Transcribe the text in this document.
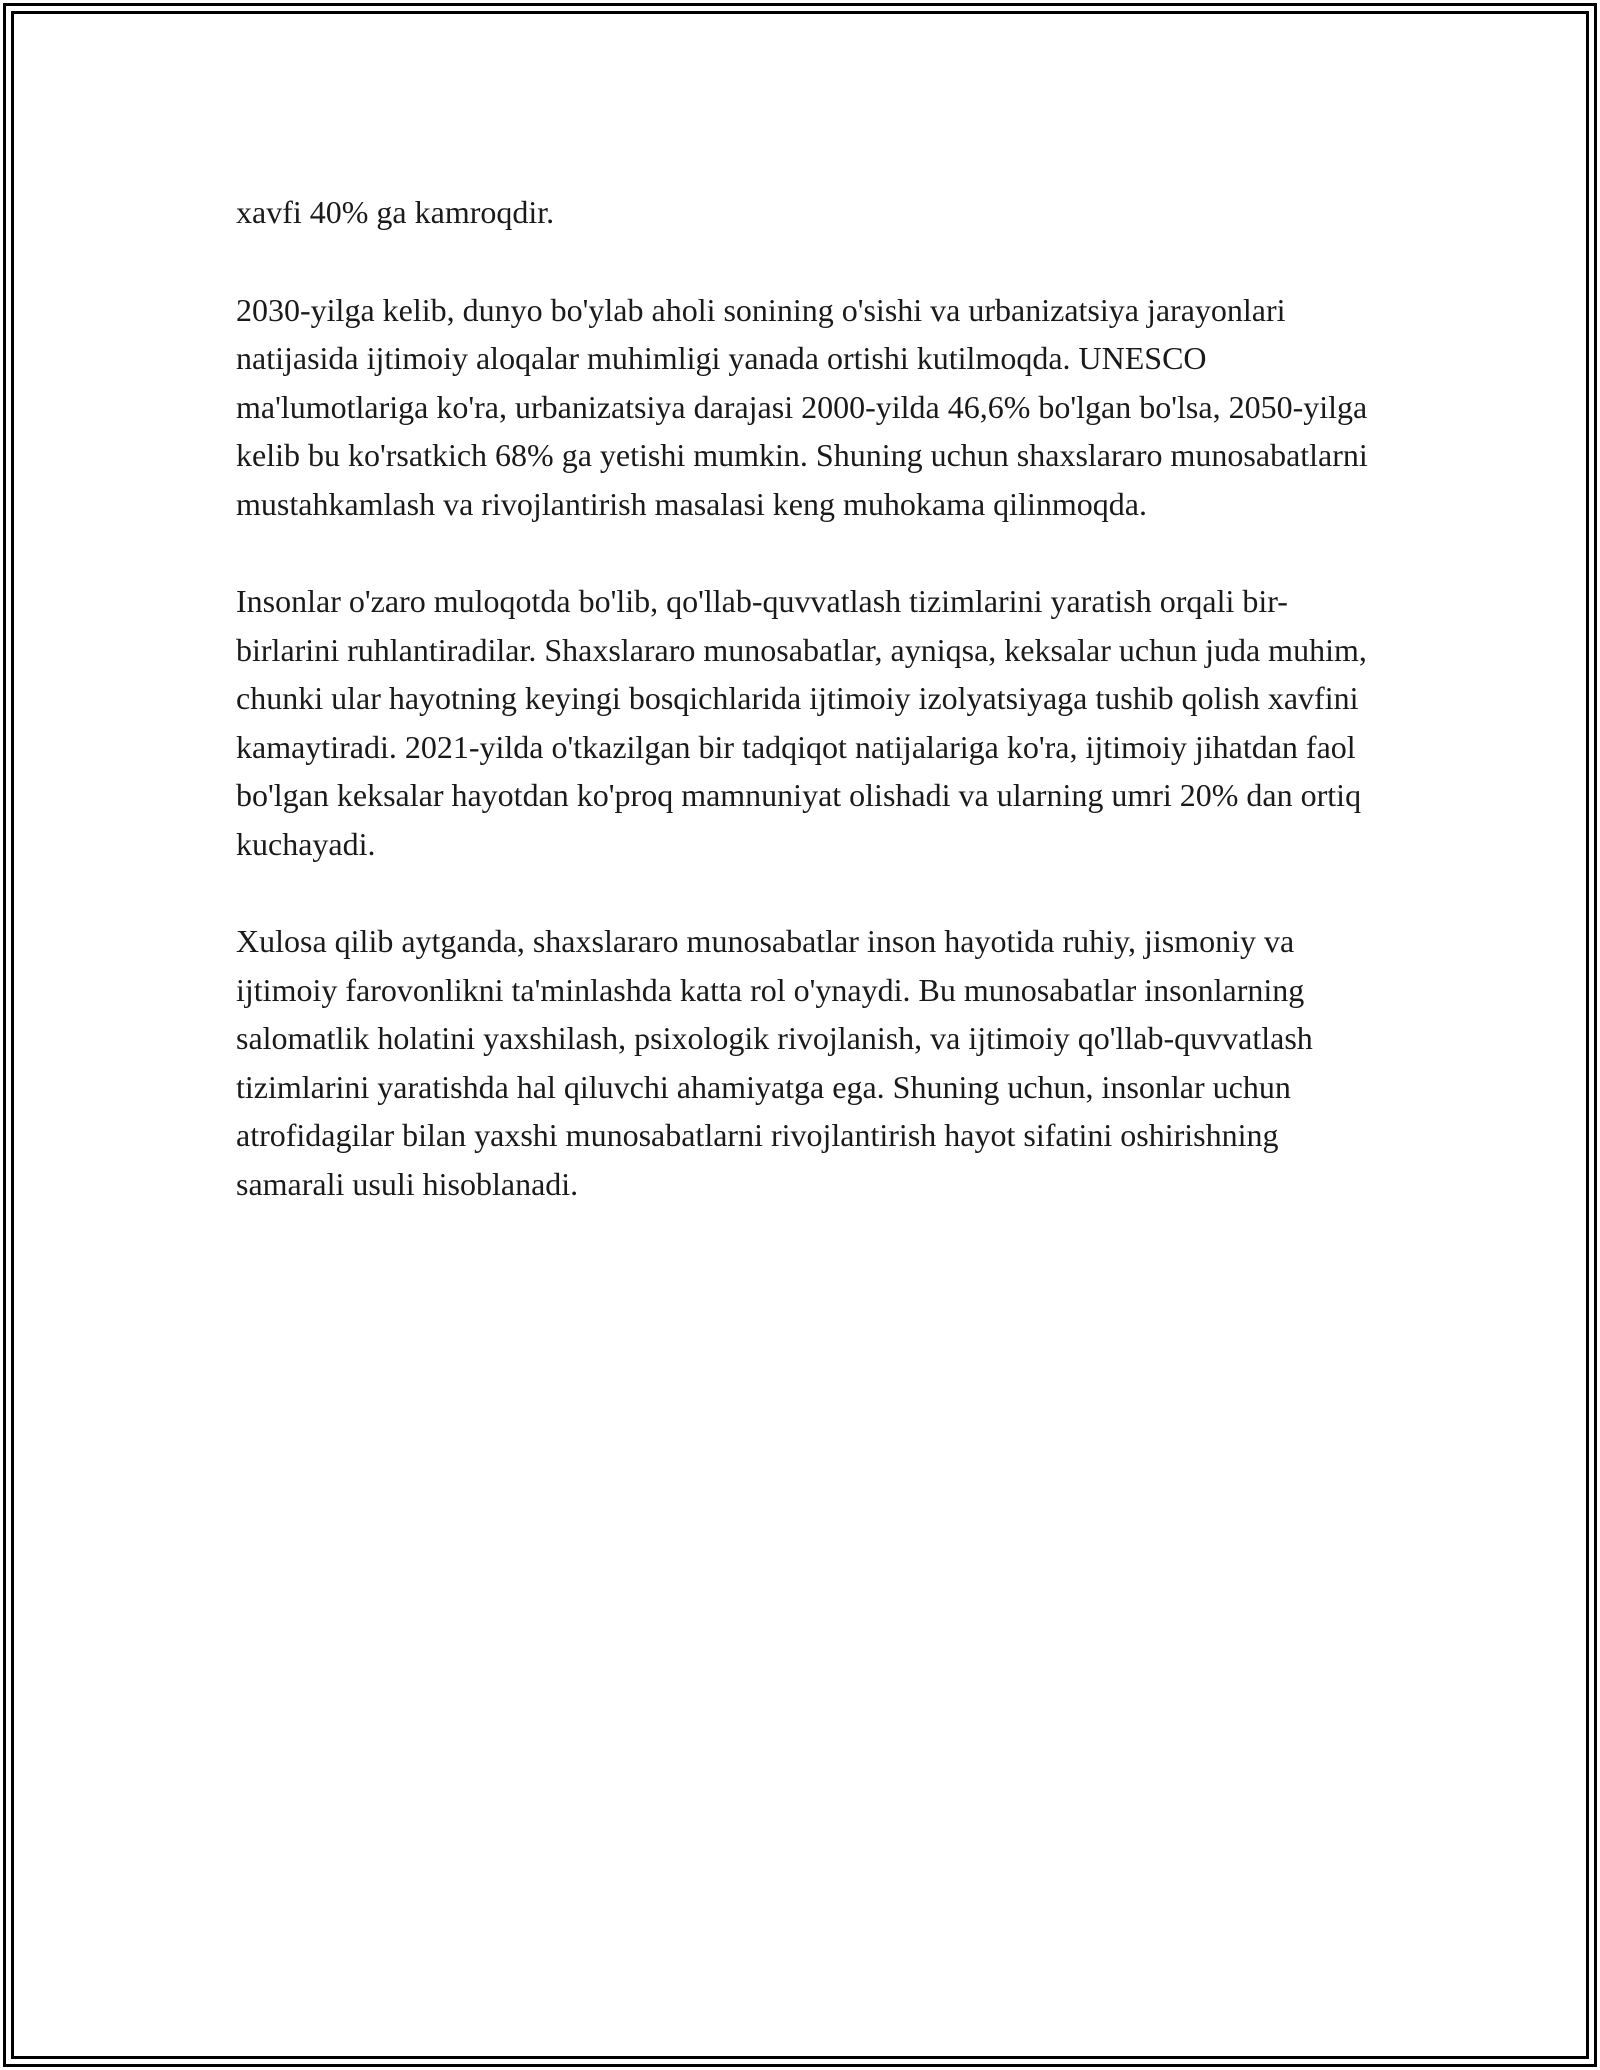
xavfi 40% ga kamroqdir.

2030-yilga kelib, dunyo bo'ylab aholi sonining o'sishi va urbanizatsiya jarayonlari natijasida ijtimoiy aloqalar muhimligi yanada ortishi kutilmoqda. UNESCO ma'lumotlariga ko'ra, urbanizatsiya darajasi 2000-yilda 46,6% bo'lgan bo'lsa, 2050-yilga kelib bu ko'rsatkich 68% ga yetishi mumkin. Shuning uchun shaxslararo munosabatlarni mustahkamlash va rivojlantirish masalasi keng muhokama qilinmoqda.

Insonlar o'zaro muloqotda bo'lib, qo'llab-quvvatlash tizimlarini yaratish orqali bir-birlarini ruhlantiradilar. Shaxslararo munosabatlar, ayniqsa, keksalar uchun juda muhim, chunki ular hayotning keyingi bosqichlarida ijtimoiy izolyatsiyaga tushib qolish xavfini kamaytiradi. 2021-yilda o'tkazilgan bir tadqiqot natijalariga ko'ra, ijtimoiy jihatdan faol bo'lgan keksalar hayotdan ko'proq mamnuniyat olishadi va ularning umri 20% dan ortiq kuchayadi.

Xulosa qilib aytganda, shaxslararo munosabatlar inson hayotida ruhiy, jismoniy va ijtimoiy farovonlikni ta'minlashda katta rol o'ynaydi. Bu munosabatlar insonlarning salomatlik holatini yaxshilash, psixologik rivojlanish, va ijtimoiy qo'llab-quvvatlash tizimlarini yaratishda hal qiluvchi ahamiyatga ega. Shuning uchun, insonlar uchun atrofidagilar bilan yaxshi munosabatlarni rivojlantirish hayot sifatini oshirishning samarali usuli hisoblanadi.
